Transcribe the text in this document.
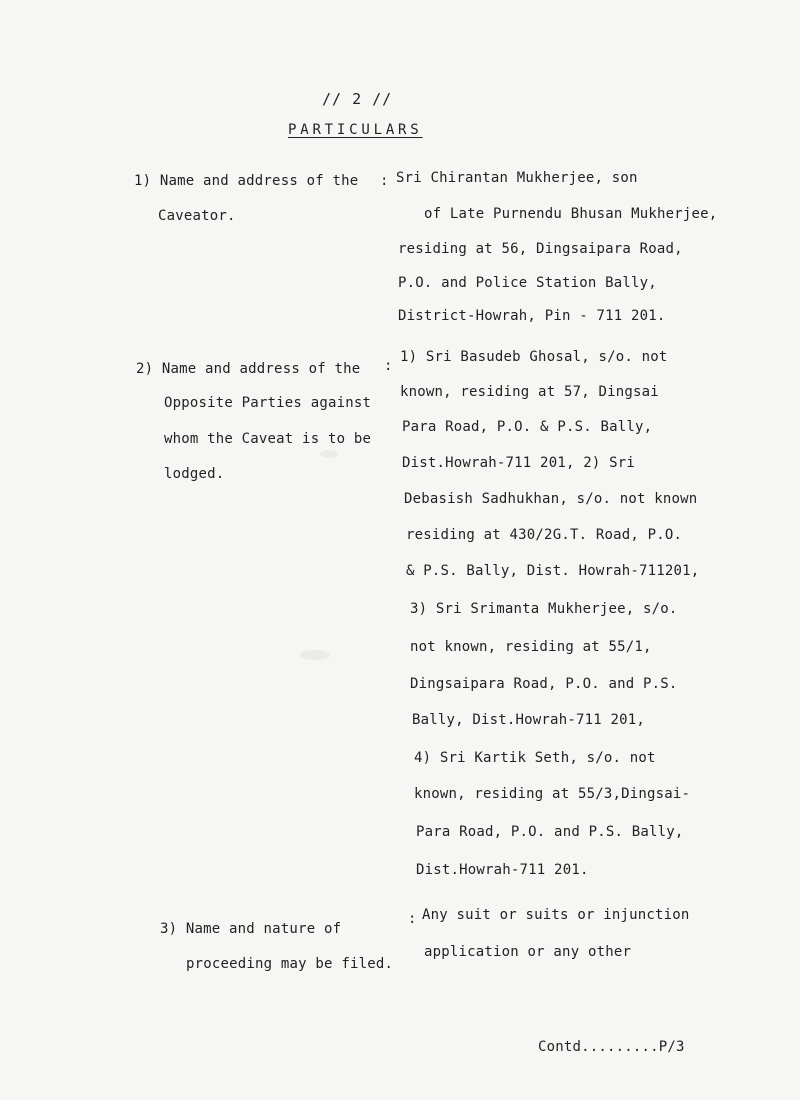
// 2 //
PARTICULARS
1) Name and address of the
Caveator.
: Sri Chirantan Mukherjee, son
of Late Purnendu Bhusan Mukherjee,
residing at 56, Dingsaipara Road,
P.O. and Police Station Bally,
District-Howrah, Pin - 711 201.
2) Name and address of the
Opposite Parties against
whom the Caveat is to be
lodged.
:
1) Sri Basudeb Ghosal, s/o. not
known, residing at 57, Dingsai
Para Road, P.O. & P.S. Bally,
Dist.Howrah-711 201, 2) Sri
Debasish Sadhukhan, s/o. not known
residing at 430/2G.T. Road, P.O.
& P.S. Bally, Dist. Howrah-711201,
3) Sri Srimanta Mukherjee, s/o.
not known, residing at 55/1,
Dingsaipara Road, P.O. and P.S.
Bally, Dist.Howrah-711 201,
4) Sri Kartik Seth, s/o. not
known, residing at 55/3,Dingsai-
Para Road, P.O. and P.S. Bally,
Dist.Howrah-711 201.
3) Name and nature of
proceeding may be filed.
: Any suit or suits or injunction
application or any other
Contd.........P/3
